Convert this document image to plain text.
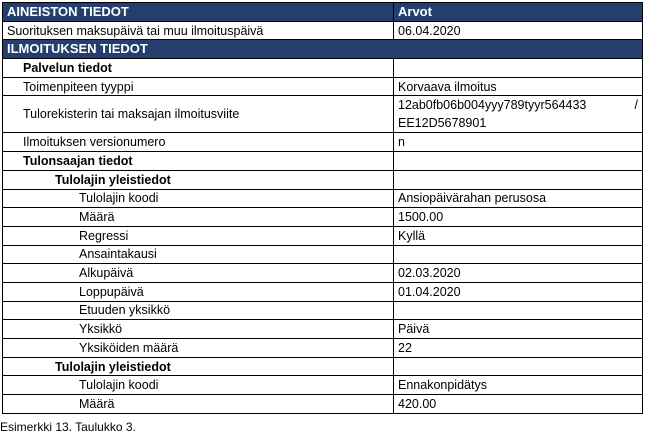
AINEISTON TIEDOT	Arvot
Suorituksen maksupäivä tai muu ilmoituspäivä	06.04.2020
ILMOITUKSEN TIEDOT	
Palvelun tiedot	
Toimenpiteen tyyppi	Korvaava ilmoitus
Tulorekisterin tai maksajan ilmoitusviite	12ab0fb06b004yyy789tyyr564433 /
EE12D5678901

Ilmoituksen versionumero	n
Tulonsaajan tiedot	
Tulolajin yleistiedot	
Tulolajin koodi	Ansiopäivärahan perusosa
Määrä	1500.00
Regressi	Kyllä
Ansaintakausi	
Alkupäivä	02.03.2020
Loppupäivä	01.04.2020
Etuuden yksikkö	
Yksikkö	Päivä
Yksiköiden määrä	22
Tulolajin yleistiedot	
Tulolajin koodi	Ennakonpidätys
Määrä	420.00
Esimerkki 13. Taulukko 3.
